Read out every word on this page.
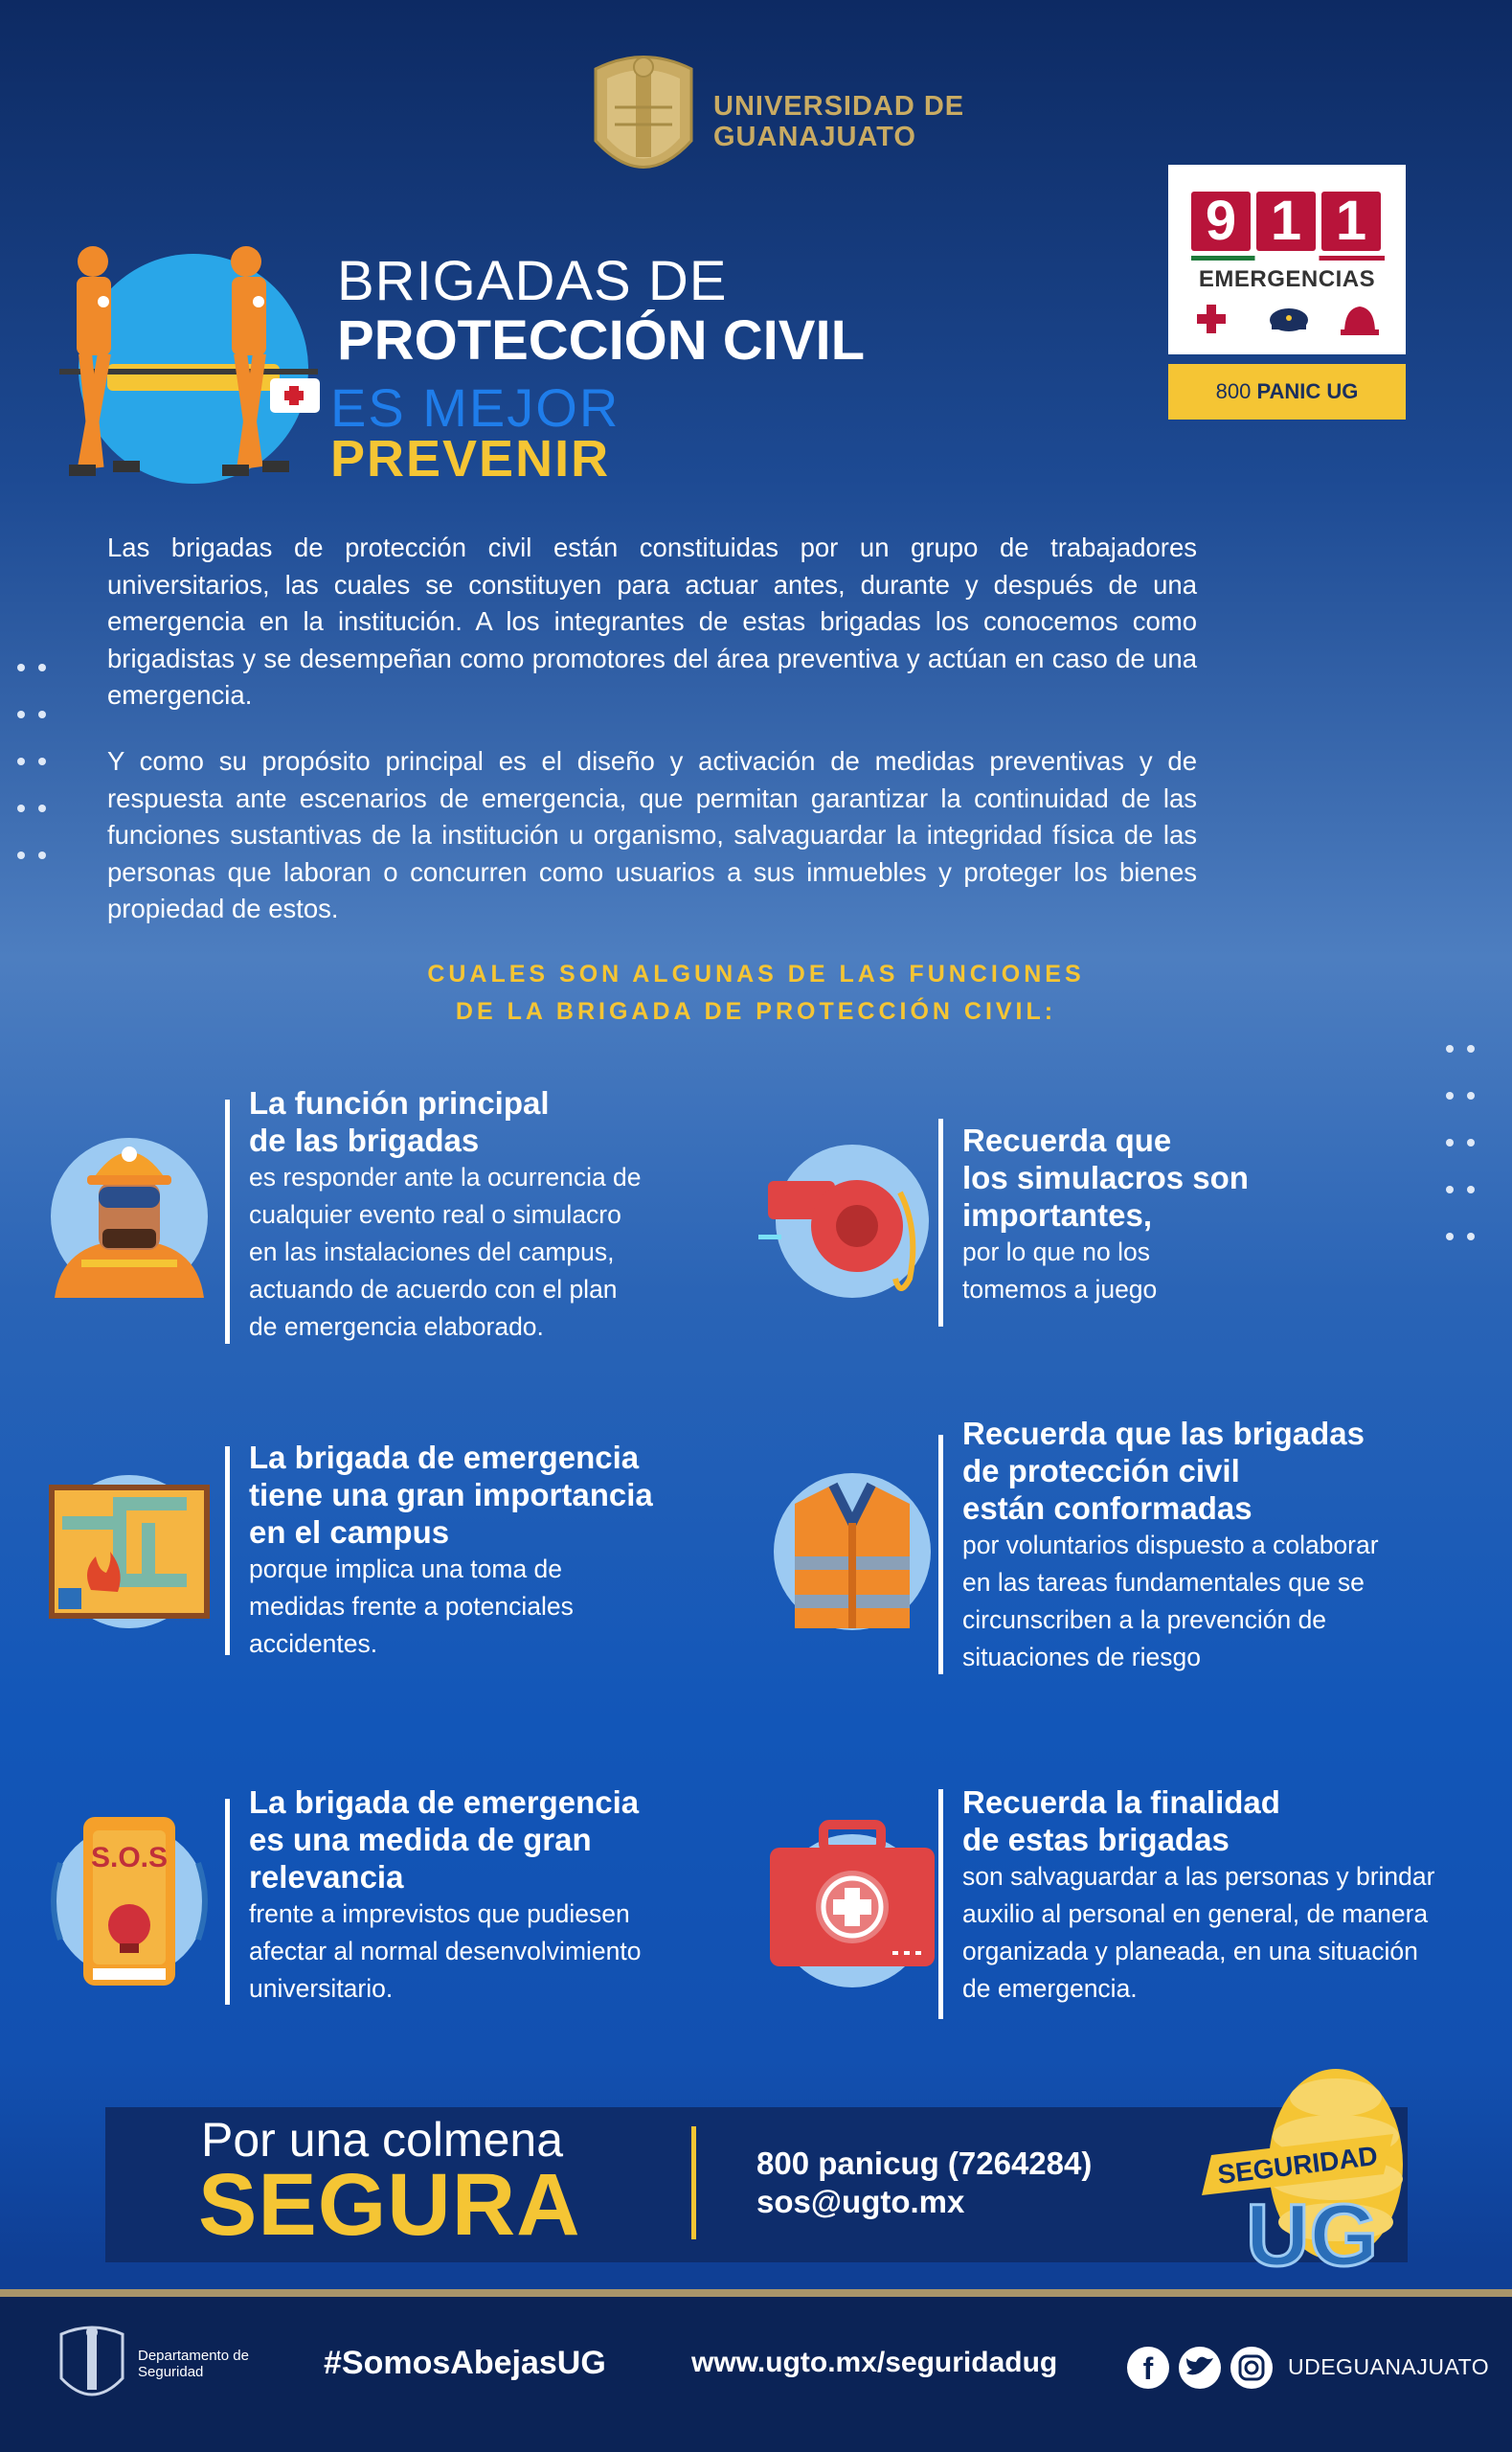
UNIVERSIDAD DE
GUANAJUATO
9 1 1
EMERGENCIAS
800 PANIC UG
BRIGADAS DE
PROTECCIÓN CIVIL
ES MEJOR
PREVENIR

Las brigadas de protección civil están constituidas por un grupo de trabajadores universitarios, las cuales se constituyen para actuar antes, durante y después de una emergencia en la institución. A los integrantes de estas brigadas los conocemos como brigadistas y se desempeñan como promotores del área preventiva y actúan en caso de una emergencia.

Y como su propósito principal es el diseño y activación de medidas preventivas y de respuesta ante escenarios de emergencia, que permitan garantizar la continuidad de las funciones sustantivas de la institución u organismo, salvaguardar la integridad física de las personas que laboran o concurren como usuarios a sus inmuebles y proteger los bienes propiedad de estos.

CUALES SON ALGUNAS DE LAS FUNCIONES
DE LA BRIGADA DE PROTECCIÓN CIVIL:
La función principal
de las brigadas
es responder ante la ocurrencia de
cualquier evento real o simulacro
en las instalaciones del campus,
actuando de acuerdo con el plan
de emergencia elaborado.
Recuerda que
los simulacros son
importantes,
por lo que no los
tomemos a juego
La brigada de emergencia
tiene una gran importancia
en el campus
porque implica una toma de
medidas frente a potenciales
accidentes.
Recuerda que las brigadas
de protección civil
están conformadas
por voluntarios dispuesto a colaborar
en las tareas fundamentales que se
circunscriben a la prevención de
situaciones de riesgo
S.O.S
La brigada de emergencia
es una medida de gran
relevancia
frente a imprevistos que pudiesen
afectar al normal desenvolvimiento
universitario.
Recuerda la finalidad
de estas brigadas
son salvaguardar a las personas y brindar
auxilio al personal en general, de manera
organizada y planeada, en una situación
de emergencia.
Por una colmena
SEGURA	800 panicug (7264284)
sos@ugto.mx
SEGURIDAD
UG
Departamento de
Seguridad	#SomosAbejasUG	www.ugto.mx/seguridadug	f	UDEGUANAJUATO
